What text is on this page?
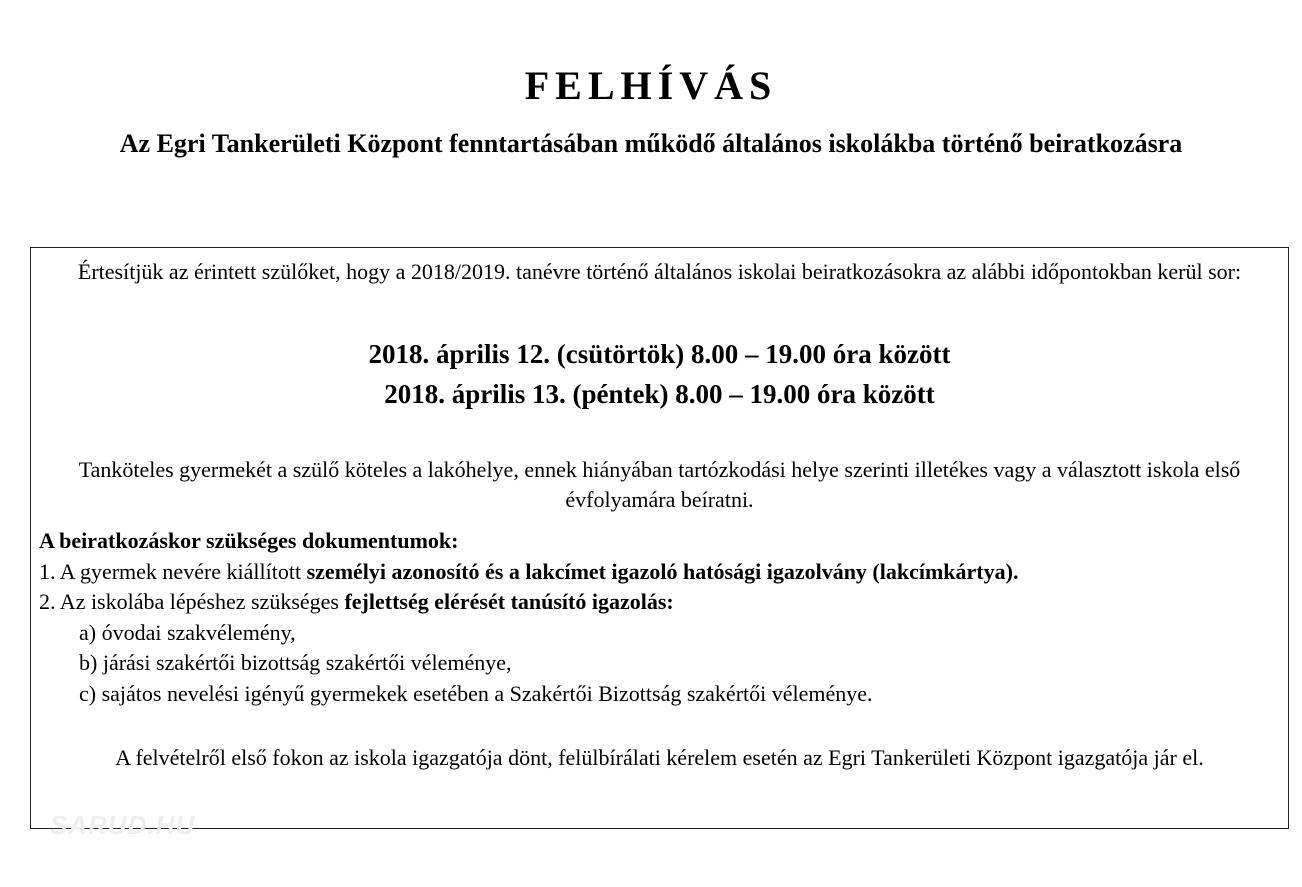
FELHÍVÁS
Az Egri Tankerületi Központ fenntartásában működő általános iskolákba történő beiratkozásra

Értesítjük az érintett szülőket, hogy a 2018/2019. tanévre történő általános iskolai beiratkozásokra az alábbi időpontokban kerül sor:

2018. április 12. (csütörtök) 8.00 – 19.00 óra között
2018. április 13. (péntek) 8.00 – 19.00 óra között

Tanköteles gyermekét a szülő köteles a lakóhelye, ennek hiányában tartózkodási helye szerinti illetékes vagy a választott iskola első évfolyamára beíratni.

A beiratkozáskor szükséges dokumentumok:
1. A gyermek nevére kiállított személyi azonosító és a lakcímet igazoló hatósági igazolvány (lakcímkártya).
2. Az iskolába lépéshez szükséges fejlettség elérését tanúsító igazolás:
a) óvodai szakvélemény,
b) járási szakértői bizottság szakértői véleménye,
c) sajátos nevelési igényű gyermekek esetében a Szakértői Bizottság szakértői véleménye.

A felvételről első fokon az iskola igazgatója dönt, felülbírálati kérelem esetén az Egri Tankerületi Központ igazgatója jár el.

SARUD.HU
